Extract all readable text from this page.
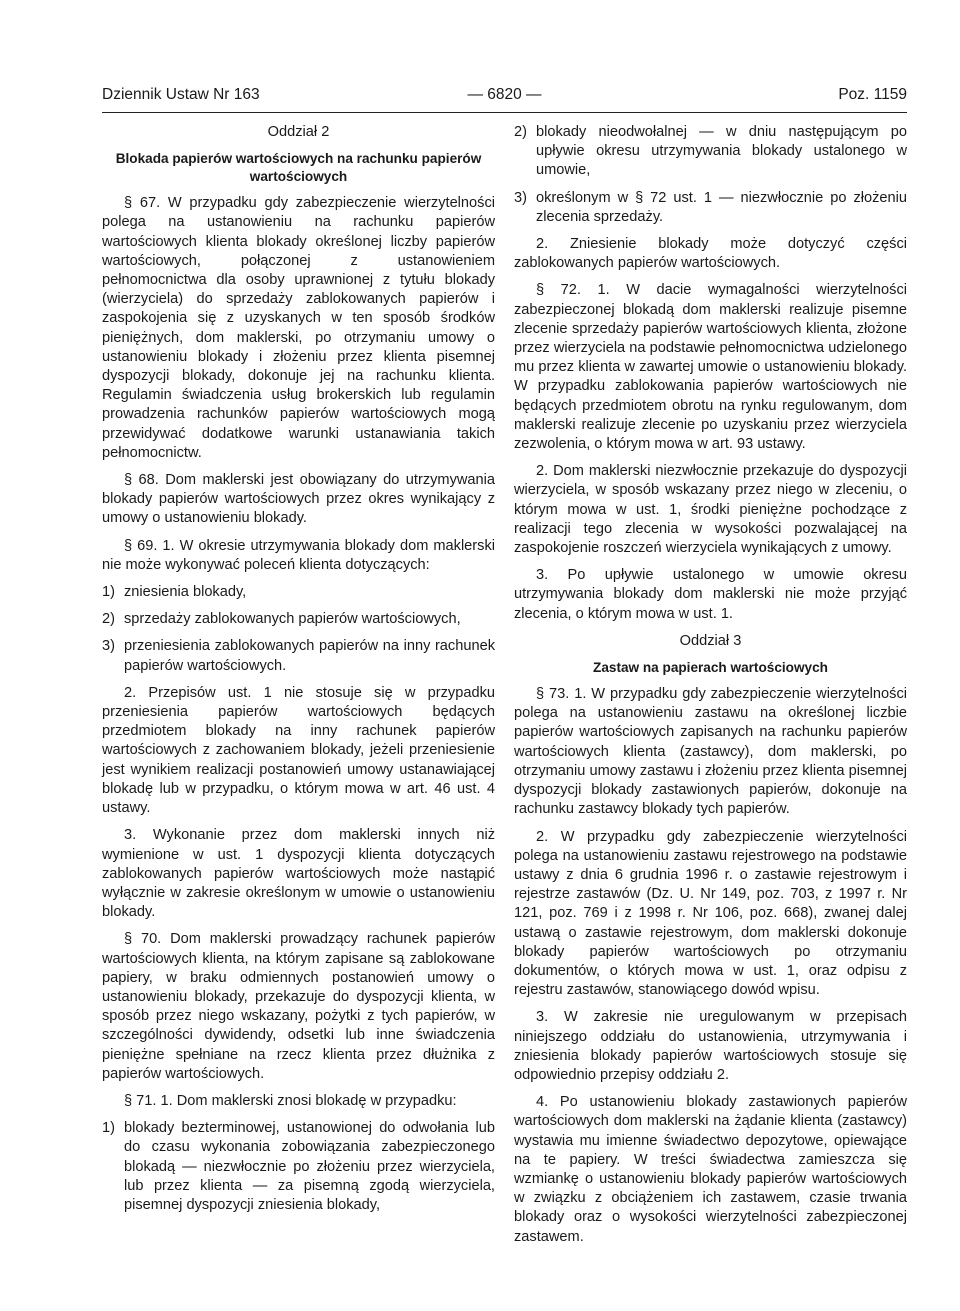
Dziennik Ustaw Nr 163	— 6820 —	Poz. 1159

Oddział 2

Blokada papierów wartościowych na rachunku papierów wartościowych

§ 67. W przypadku gdy zabezpieczenie wierzytelności polega na ustanowieniu na rachunku papierów wartościowych klienta blokady określonej liczby papierów wartościowych, połączonej z ustanowieniem pełnomocnictwa dla osoby uprawnionej z tytułu blokady (wierzyciela) do sprzedaży zablokowanych papierów i zaspokojenia się z uzyskanych w ten sposób środków pieniężnych, dom maklerski, po otrzymaniu umowy o ustanowieniu blokady i złożeniu przez klienta pisemnej dyspozycji blokady, dokonuje jej na rachunku klienta. Regulamin świadczenia usług brokerskich lub regulamin prowadzenia rachunków papierów wartościowych mogą przewidywać dodatkowe warunki ustanawiania takich pełnomocnictw.

§ 68. Dom maklerski jest obowiązany do utrzymywania blokady papierów wartościowych przez okres wynikający z umowy o ustanowieniu blokady.

§ 69. 1. W okresie utrzymywania blokady dom maklerski nie może wykonywać poleceń klienta dotyczących:

1) zniesienia blokady,
2) sprzedaży zablokowanych papierów wartościowych,
3) przeniesienia zablokowanych papierów na inny rachunek papierów wartościowych.

2. Przepisów ust. 1 nie stosuje się w przypadku przeniesienia papierów wartościowych będących przedmiotem blokady na inny rachunek papierów wartościowych z zachowaniem blokady, jeżeli przeniesienie jest wynikiem realizacji postanowień umowy ustanawiającej blokadę lub w przypadku, o którym mowa w art. 46 ust. 4 ustawy.

3. Wykonanie przez dom maklerski innych niż wymienione w ust. 1 dyspozycji klienta dotyczących zablokowanych papierów wartościowych może nastąpić wyłącznie w zakresie określonym w umowie o ustanowieniu blokady.

§ 70. Dom maklerski prowadzący rachunek papierów wartościowych klienta, na którym zapisane są zablokowane papiery, w braku odmiennych postanowień umowy o ustanowieniu blokady, przekazuje do dyspozycji klienta, w sposób przez niego wskazany, pożytki z tych papierów, w szczególności dywidendy, odsetki lub inne świadczenia pieniężne spełniane na rzecz klienta przez dłużnika z papierów wartościowych.

§ 71. 1. Dom maklerski znosi blokadę w przypadku:

1) blokady bezterminowej, ustanowionej do odwołania lub do czasu wykonania zobowiązania zabezpieczonego blokadą — niezwłocznie po złożeniu przez wierzyciela, lub przez klienta — za pisemną zgodą wierzyciela, pisemnej dyspozycji zniesienia blokady,
2) blokady nieodwołalnej — w dniu następującym po upływie okresu utrzymywania blokady ustalonego w umowie,
3) określonym w § 72 ust. 1 — niezwłocznie po złożeniu zlecenia sprzedaży.

2. Zniesienie blokady może dotyczyć części zablokowanych papierów wartościowych.

§ 72. 1. W dacie wymagalności wierzytelności zabezpieczonej blokadą dom maklerski realizuje pisemne zlecenie sprzedaży papierów wartościowych klienta, złożone przez wierzyciela na podstawie pełnomocnictwa udzielonego mu przez klienta w zawartej umowie o ustanowieniu blokady. W przypadku zablokowania papierów wartościowych nie będących przedmiotem obrotu na rynku regulowanym, dom maklerski realizuje zlecenie po uzyskaniu przez wierzyciela zezwolenia, o którym mowa w art. 93 ustawy.

2. Dom maklerski niezwłocznie przekazuje do dyspozycji wierzyciela, w sposób wskazany przez niego w zleceniu, o którym mowa w ust. 1, środki pieniężne pochodzące z realizacji tego zlecenia w wysokości pozwalającej na zaspokojenie roszczeń wierzyciela wynikających z umowy.

3. Po upływie ustalonego w umowie okresu utrzymywania blokady dom maklerski nie może przyjąć zlecenia, o którym mowa w ust. 1.

Oddział 3

Zastaw na papierach wartościowych

§ 73. 1. W przypadku gdy zabezpieczenie wierzytelności polega na ustanowieniu zastawu na określonej liczbie papierów wartościowych zapisanych na rachunku papierów wartościowych klienta (zastawcy), dom maklerski, po otrzymaniu umowy zastawu i złożeniu przez klienta pisemnej dyspozycji blokady zastawionych papierów, dokonuje na rachunku zastawcy blokady tych papierów.

2. W przypadku gdy zabezpieczenie wierzytelności polega na ustanowieniu zastawu rejestrowego na podstawie ustawy z dnia 6 grudnia 1996 r. o zastawie rejestrowym i rejestrze zastawów (Dz. U. Nr 149, poz. 703, z 1997 r. Nr 121, poz. 769 i z 1998 r. Nr 106, poz. 668), zwanej dalej ustawą o zastawie rejestrowym, dom maklerski dokonuje blokady papierów wartościowych po otrzymaniu dokumentów, o których mowa w ust. 1, oraz odpisu z rejestru zastawów, stanowiącego dowód wpisu.

3. W zakresie nie uregulowanym w przepisach niniejszego oddziału do ustanowienia, utrzymywania i zniesienia blokady papierów wartościowych stosuje się odpowiednio przepisy oddziału 2.

4. Po ustanowieniu blokady zastawionych papierów wartościowych dom maklerski na żądanie klienta (zastawcy) wystawia mu imienne świadectwo depozytowe, opiewające na te papiery. W treści świadectwa zamieszcza się wzmiankę o ustanowieniu blokady papierów wartościowych w związku z obciążeniem ich zastawem, czasie trwania blokady oraz o wysokości wierzytelności zabezpieczonej zastawem.
